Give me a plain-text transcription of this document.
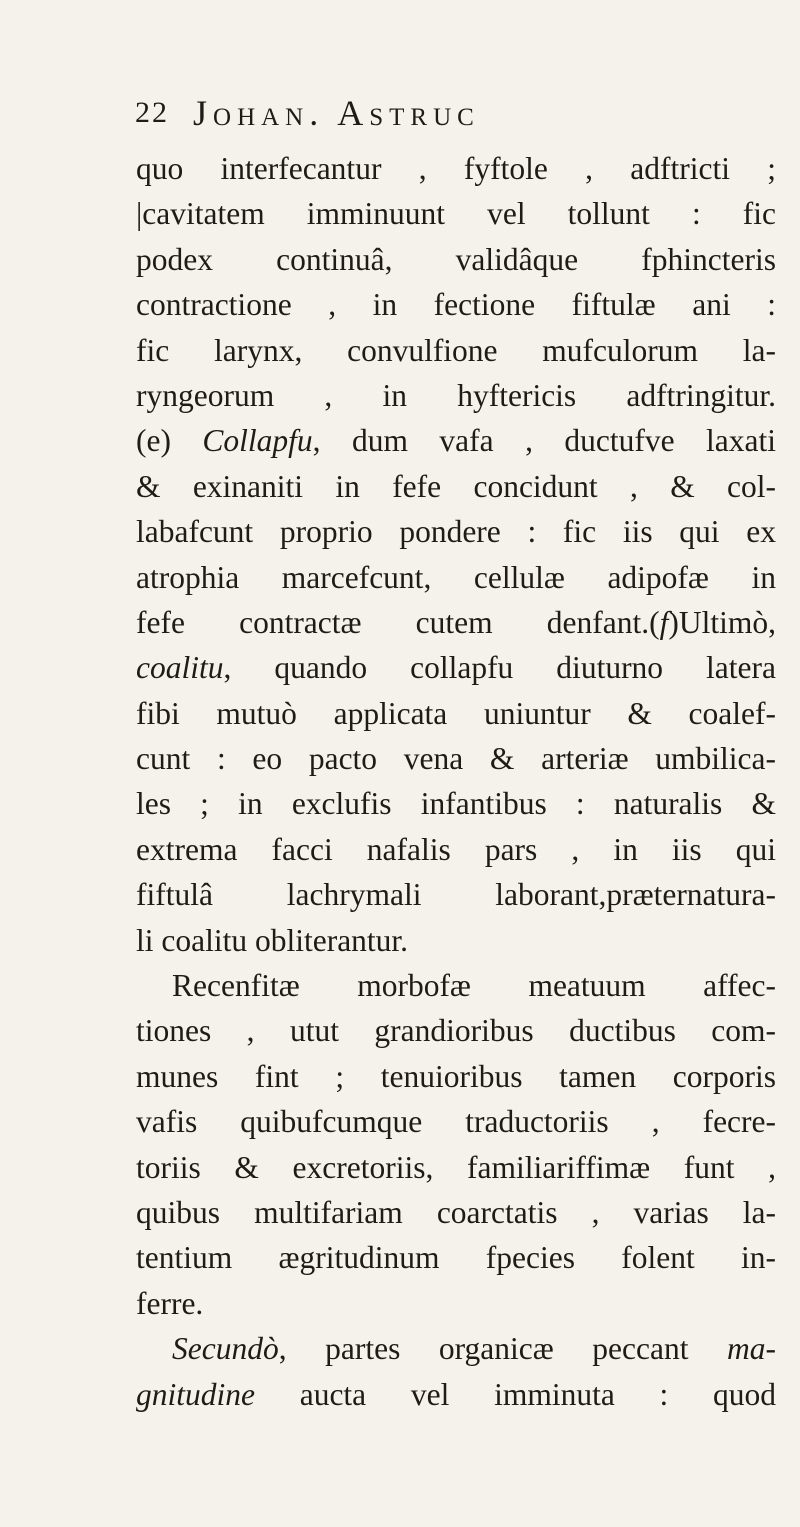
22 Johan. Astruc
quo interfecantur , fyftole , adftricti ;
|cavitatem imminuunt vel tollunt : fic
podex continuâ, validâque fphincteris
contractione , in fectione fiftulæ ani :
fic larynx, convulfione mufculorum la-
ryngeorum , in hyftericis adftringitur.
(e) Collapfu, dum vafa , ductufve laxati
& exinaniti in fefe concidunt , & col-
labafcunt proprio pondere : fic iis qui ex
atrophia marcefcunt, cellulæ adipofæ in
fefe contractæ cutem denfant.(f)Ultimò,
coalitu, quando collapfu diuturno latera
fibi mutuò applicata uniuntur & coalef-
cunt : eo pacto vena & arteriæ umbilica-
les ; in exclufis infantibus : naturalis &
extrema facci nafalis pars , in iis qui
fiftulâ lachrymali laborant,præternatura-
li coalitu obliterantur.
Recenfitæ morbofæ meatuum affec-
tiones , utut grandioribus ductibus com-
munes fint ; tenuioribus tamen corporis
vafis quibufcumque traductoriis , fecre-
toriis & excretoriis, familiariffimæ funt ,
quibus multifariam coarctatis , varias la-
tentium ægritudinum fpecies folent in-
ferre.
Secundò, partes organicæ peccant ma-
gnitudine aucta vel imminuta : quod
